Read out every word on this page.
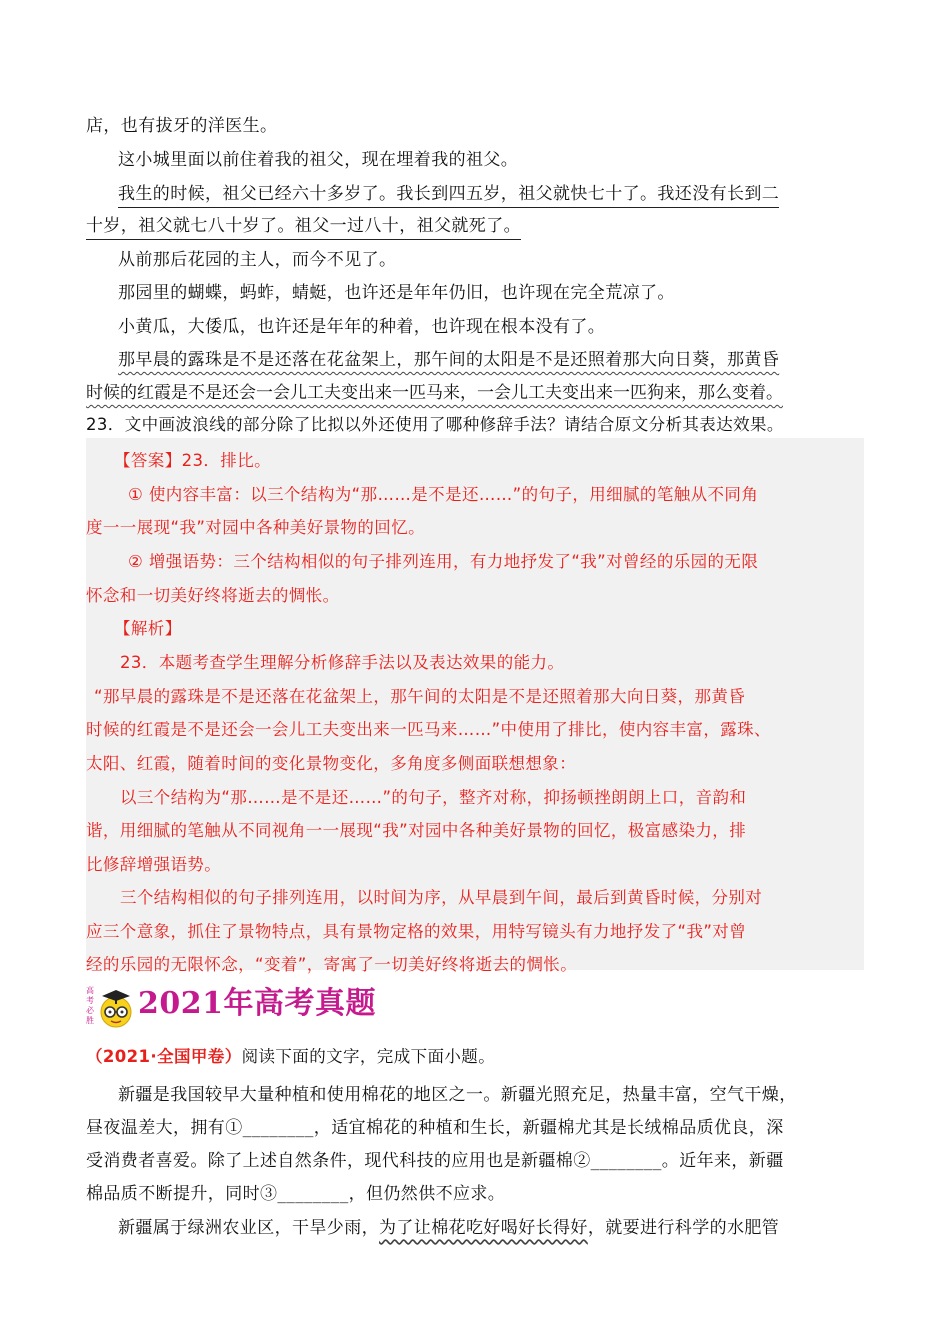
店，也有拔牙的洋医生。
这小城里面以前住着我的祖父，现在埋着我的祖父。
我生的时候，祖父已经六十多岁了。我长到四五岁，祖父就快七十了。我还没有长到二
十岁，祖父就七八十岁了。祖父一过八十，祖父就死了。
从前那后花园的主人，而今不见了。
那园里的蝴蝶，蚂蚱，蜻蜓，也许还是年年仍旧，也许现在完全荒凉了。
小黄瓜，大倭瓜，也许还是年年的种着，也许现在根本没有了。
那早晨的露珠是不是还落在花盆架上，那午间的太阳是不是还照着那大向日葵，那黄昏
时候的红霞是不是还会一会儿工夫变出来一匹马来，一会儿工夫变出来一匹狗来，那么变着。
23．文中画波浪线的部分除了比拟以外还使用了哪种修辞手法？请结合原文分析其表达效果。
【答案】23．排比。
① 使内容丰富：以三个结构为“那……是不是还……”的句子，用细腻的笔触从不同角
度一一展现“我”对园中各种美好景物的回忆。
② 增强语势：三个结构相似的句子排列连用，有力地抒发了“我”对曾经的乐园的无限
怀念和一切美好终将逝去的惆怅。
【解析】
23．本题考查学生理解分析修辞手法以及表达效果的能力。
“那早晨的露珠是不是还落在花盆架上，那午间的太阳是不是还照着那大向日葵，那黄昏
时候的红霞是不是还会一会儿工夫变出来一匹马来……”中使用了排比，使内容丰富，露珠、
太阳、红霞，随着时间的变化景物变化，多角度多侧面联想想象：
以三个结构为“那……是不是还……”的句子，整齐对称，抑扬顿挫朗朗上口，音韵和
谐，用细腻的笔触从不同视角一一展现“我”对园中各种美好景物的回忆，极富感染力，排
比修辞增强语势。
三个结构相似的句子排列连用，以时间为序，从早晨到午间，最后到黄昏时候，分别对
应三个意象，抓住了景物特点，具有景物定格的效果，用特写镜头有力地抒发了“我”对曾
经的乐园的无限怀念，“变着”，寄寓了一切美好终将逝去的惆怅。
高考必胜 2021年高考真题
（2021·全国甲卷）阅读下面的文字，完成下面小题。
新疆是我国较早大量种植和使用棉花的地区之一。新疆光照充足，热量丰富，空气干燥，
昼夜温差大，拥有①________，适宜棉花的种植和生长，新疆棉尤其是长绒棉品质优良，深
受消费者喜爱。除了上述自然条件，现代科技的应用也是新疆棉②________。近年来，新疆
棉品质不断提升，同时③________，但仍然供不应求。
新疆属于绿洲农业区，干旱少雨，为了让棉花吃好喝好长得好，就要进行科学的水肥管
